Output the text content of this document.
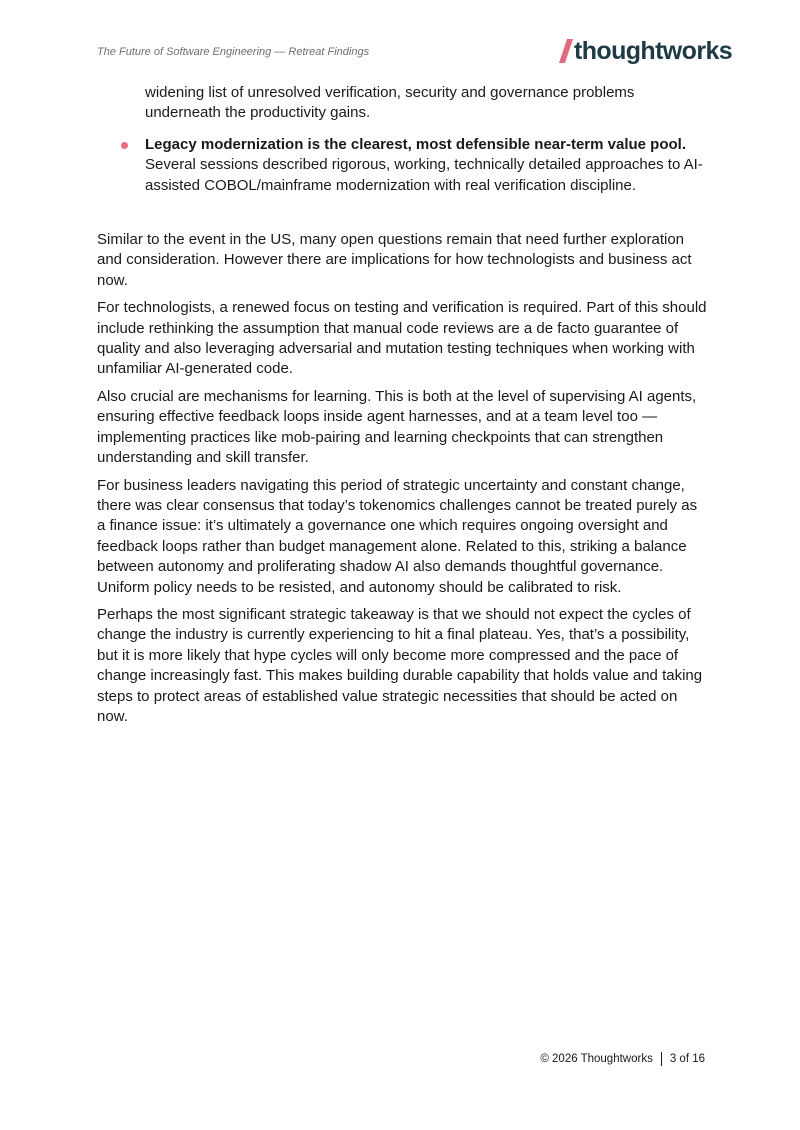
The Future of Software Engineering — Retreat Findings	thoughtworks
widening list of unresolved verification, security and governance problems underneath the productivity gains.
Legacy modernization is the clearest, most defensible near-term value pool. Several sessions described rigorous, working, technically detailed approaches to AI-assisted COBOL/mainframe modernization with real verification discipline.

Similar to the event in the US, many open questions remain that need further exploration and consideration. However there are implications for how technologists and business act now.

For technologists, a renewed focus on testing and verification is required. Part of this should include rethinking the assumption that manual code reviews are a de facto guarantee of quality and also leveraging adversarial and mutation testing techniques when working with unfamiliar AI-generated code.

Also crucial are mechanisms for learning. This is both at the level of supervising AI agents, ensuring effective feedback loops inside agent harnesses, and at a team level too — implementing practices like mob-pairing and learning checkpoints that can strengthen understanding and skill transfer.

For business leaders navigating this period of strategic uncertainty and constant change, there was clear consensus that today’s tokenomics challenges cannot be treated purely as a finance issue: it’s ultimately a governance one which requires ongoing oversight and feedback loops rather than budget management alone. Related to this, striking a balance between autonomy and proliferating shadow AI also demands thoughtful governance. Uniform policy needs to be resisted, and autonomy should be calibrated to risk.

Perhaps the most significant strategic takeaway is that we should not expect the cycles of change the industry is currently experiencing to hit a final plateau. Yes, that’s a possibility, but it is more likely that hype cycles will only become more compressed and the pace of change increasingly fast. This makes building durable capability that holds value and taking steps to protect areas of established value strategic necessities that should be acted on now.

© 2026 Thoughtworks 3 of 16
